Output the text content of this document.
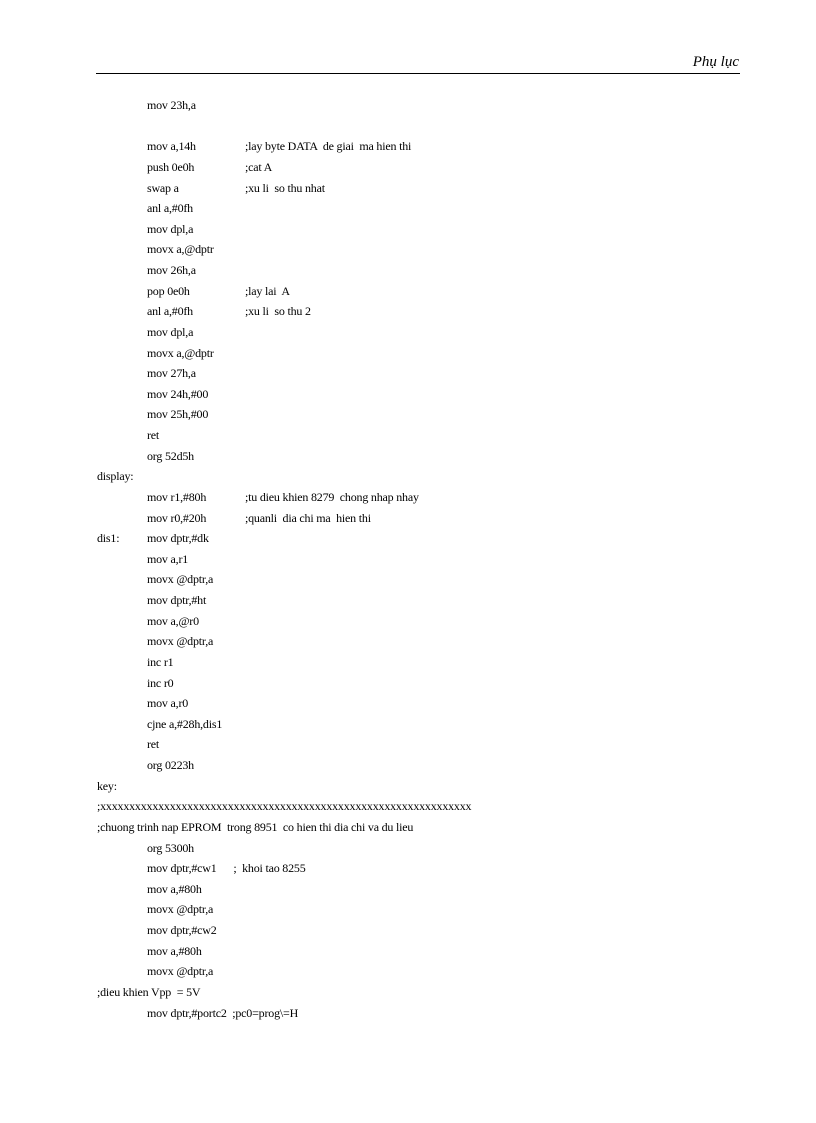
Phụ lục
mov 23h,a
mov a,14h	;lay byte DATA  de giai  ma hien thi
push 0e0h	;cat A
swap a	;xu li  so thu nhat
anl a,#0fh
mov dpl,a
movx a,@dptr
mov 26h,a
pop 0e0h	;lay lai  A
anl a,#0fh	;xu li  so thu 2
mov dpl,a
movx a,@dptr
mov 27h,a
mov 24h,#00
mov 25h,#00
ret
org 52d5h
display:
mov r1,#80h	;tu dieu khien 8279  chong nhap nhay
mov r0,#20h	;quanli  dia chi ma  hien thi
dis1: mov dptr,#dk
mov a,r1
movx @dptr,a
mov dptr,#ht
mov a,@r0
movx @dptr,a
inc r1
inc r0
mov a,r0
cjne a,#28h,dis1
ret
org 0223h
key:
;xxxxxxxxxxxxxxxxxxxxxxxxxxxxxxxxxxxxxxxxxxxxxxxxxxxxxxxxxxxxxxxx
;chuong trinh nap EPROM  trong 8951  co hien thi dia chi va du lieu
org 5300h
mov dptr,#cw1      ;  khoi tao 8255
mov a,#80h
movx @dptr,a
mov dptr,#cw2
mov a,#80h
movx @dptr,a
;dieu khien Vpp  = 5V
mov dptr,#portc2  ;pc0=prog\=H
